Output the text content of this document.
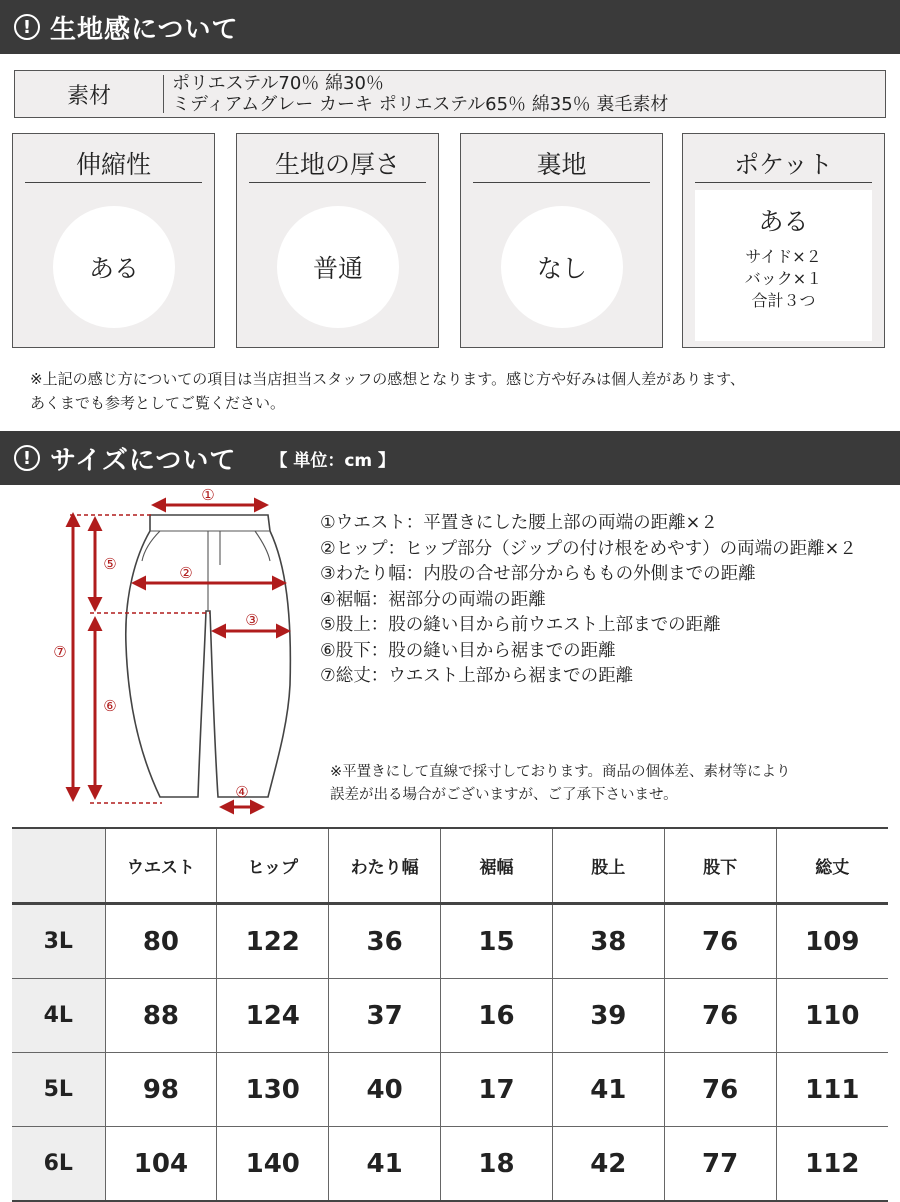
! 生地感について
素材	ポリエステル70％ 綿30％
ミディアムグレー カーキ ポリエステル65％ 綿35％ 裏毛素材
伸縮性
ある
生地の厚さ
普通
裏地
なし
ポケット
ある
サイド×２
バック×１
合計３つ
※上記の感じ方についての項目は当店担当スタッフの感想となります。感じ方や好みは個人差があります、
あくまでも参考としてご覧ください。
! サイズについて 【 単位：cm 】
①
②
③
④
⑤
⑥
⑦
①ウエスト：平置きにした腰上部の両端の距離×２
②ヒップ：ヒップ部分（ジップの付け根をめやす）の両端の距離×２
③わたり幅：内股の合せ部分からももの外側までの距離
④裾幅：裾部分の両端の距離
⑤股上：股の縫い目から前ウエスト上部までの距離
⑥股下：股の縫い目から裾までの距離
⑦総丈：ウエスト上部から裾までの距離
※平置きにして直線で採寸しております。商品の個体差、素材等により
誤差が出る場合がございますが、ご了承下さいませ。
	ウエスト	ヒップ	わたり幅	裾幅	股上	股下	総丈
3L	80	122	36	15	38	76	109
4L	88	124	37	16	39	76	110
5L	98	130	40	17	41	76	111
6L	104	140	41	18	42	77	112
